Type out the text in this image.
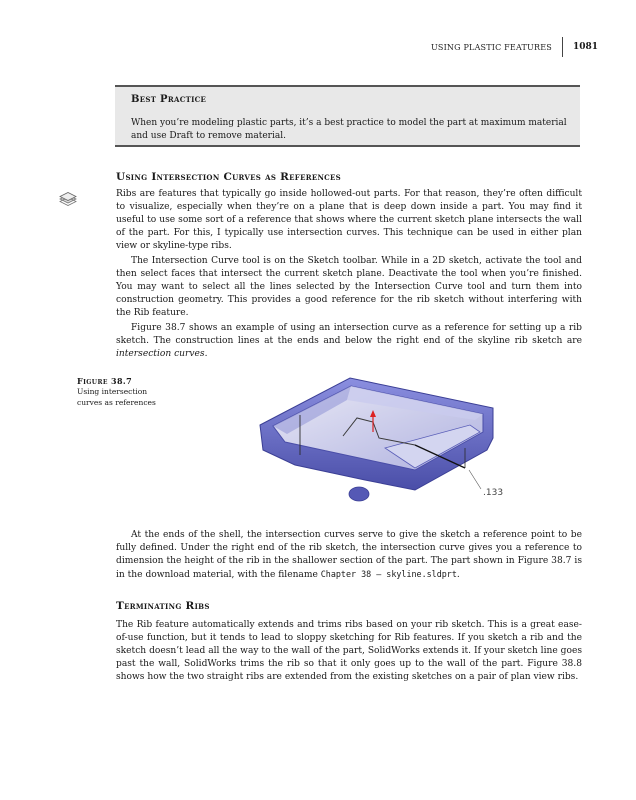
USING PLASTIC FEATURES 1081
Best Practice
When you’re modeling plastic parts, it’s a best practice to model the part at maximum material and use Draft to remove material.
Using Intersection Curves as References

Ribs are features that typically go inside hollowed-out parts. For that reason, they’re often difficult to visualize, especially when they’re on a plane that is deep down inside a part. You may find it useful to use some sort of a reference that shows where the current sketch plane intersects the wall of the part. For this, I typically use intersection curves. This technique can be used in either plan view or skyline-type ribs.

The Intersection Curve tool is on the Sketch toolbar. While in a 2D sketch, activate the tool and then select faces that intersect the current sketch plane. Deactivate the tool when you’re finished. You may want to select all the lines selected by the Intersection Curve tool and turn them into construction geometry. This provides a good reference for the rib sketch without interfering with the Rib feature.

Figure 38.7 shows an example of using an intersection curve as a reference for setting up a rib sketch. The construction lines at the ends and below the right end of the skyline rib sketch are intersection curves.

Figure 38.7
Using intersection curves as references
.133

At the ends of the shell, the intersection curves serve to give the sketch a reference point to be fully defined. Under the right end of the rib sketch, the intersection curve gives you a reference to dimension the height of the rib in the shallower section of the part. The part shown in Figure 38.7 is in the download material, with the filename Chapter 38 – skyline.sldprt.

Terminating Ribs

The Rib feature automatically extends and trims ribs based on your rib sketch. This is a great ease-of-use function, but it tends to lead to sloppy sketching for Rib features. If you sketch a rib and the sketch doesn’t lead all the way to the wall of the part, SolidWorks extends it. If your sketch line goes past the wall, SolidWorks trims the rib so that it only goes up to the wall of the part. Figure 38.8 shows how the two straight ribs are extended from the existing sketches on a pair of plan view ribs.
